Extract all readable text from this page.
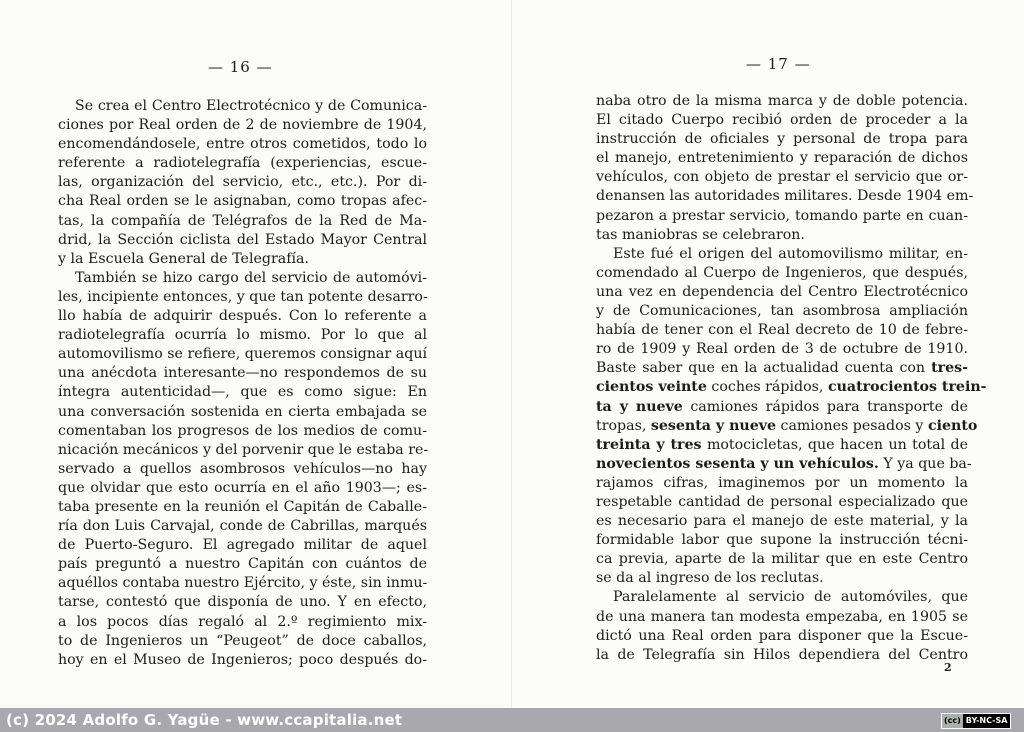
— 16 —
Se crea el Centro Electrotécnico y de Comunica-
ciones por Real orden de 2 de noviembre de 1904,
encomendándosele, entre otros cometidos, todo lo
referente a radiotelegrafía (experiencias, escue-
las, organización del servicio, etc., etc.). Por di-
cha Real orden se le asignaban, como tropas afec-
tas, la compañía de Telégrafos de la Red de Ma-
drid, la Sección ciclista del Estado Mayor Central
y la Escuela General de Telegrafía.
También se hizo cargo del servicio de automóvi-
les, incipiente entonces, y que tan potente desarro-
llo había de adquirir después. Con lo referente a
radiotelegrafía ocurría lo mismo. Por lo que al
automovilismo se refiere, queremos consignar aquí
una anécdota interesante—no respondemos de su
íntegra autenticidad—, que es como sigue: En
una conversación sostenida en cierta embajada se
comentaban los progresos de los medios de comu-
nicación mecánicos y del porvenir que le estaba re-
servado a quellos asombrosos vehículos—no hay
que olvidar que esto ocurría en el año 1903—; es-
taba presente en la reunión el Capitán de Caballe-
ría don Luis Carvajal, conde de Cabrillas, marqués
de Puerto-Seguro. El agregado militar de aquel
país preguntó a nuestro Capitán con cuántos de
aquéllos contaba nuestro Ejército, y éste, sin inmu-
tarse, contestó que disponía de uno. Y en efecto,
a los pocos días regaló al 2.º regimiento mix-
to de Ingenieros un “Peugeot” de doce caballos,
hoy en el Museo de Ingenieros; poco después do-
— 17 —
naba otro de la misma marca y de doble potencia.
El citado Cuerpo recibió orden de proceder a la
instrucción de oficiales y personal de tropa para
el manejo, entretenimiento y reparación de dichos
vehículos, con objeto de prestar el servicio que or-
denansen las autoridades militares. Desde 1904 em-
pezaron a prestar servicio, tomando parte en cuan-
tas maniobras se celebraron.
Este fué el origen del automovilismo militar, en-
comendado al Cuerpo de Ingenieros, que después,
una vez en dependencia del Centro Electrotécnico
y de Comunicaciones, tan asombrosa ampliación
había de tener con el Real decreto de 10 de febre-
ro de 1909 y Real orden de 3 de octubre de 1910.
Baste saber que en la actualidad cuenta con tres-
cientos veinte coches rápidos, cuatrocientos trein-
ta y nueve camiones rápidos para transporte de
tropas, sesenta y nueve camiones pesados y ciento
treinta y tres motocicletas, que hacen un total de
novecientos sesenta y un vehículos. Y ya que ba-
rajamos cifras, imaginemos por un momento la
respetable cantidad de personal especializado que
es necesario para el manejo de este material, y la
formidable labor que supone la instrucción técni-
ca previa, aparte de la militar que en este Centro
se da al ingreso de los reclutas.
Paralelamente al servicio de automóviles, que
de una manera tan modesta empezaba, en 1905 se
dictó una Real orden para disponer que la Escue-
la de Telegrafía sin Hilos dependiera del Centro
2
(c) 2024 Adolfo G. Yagüe - www.ccapitalia.net	(cc) BY-NC-SA
